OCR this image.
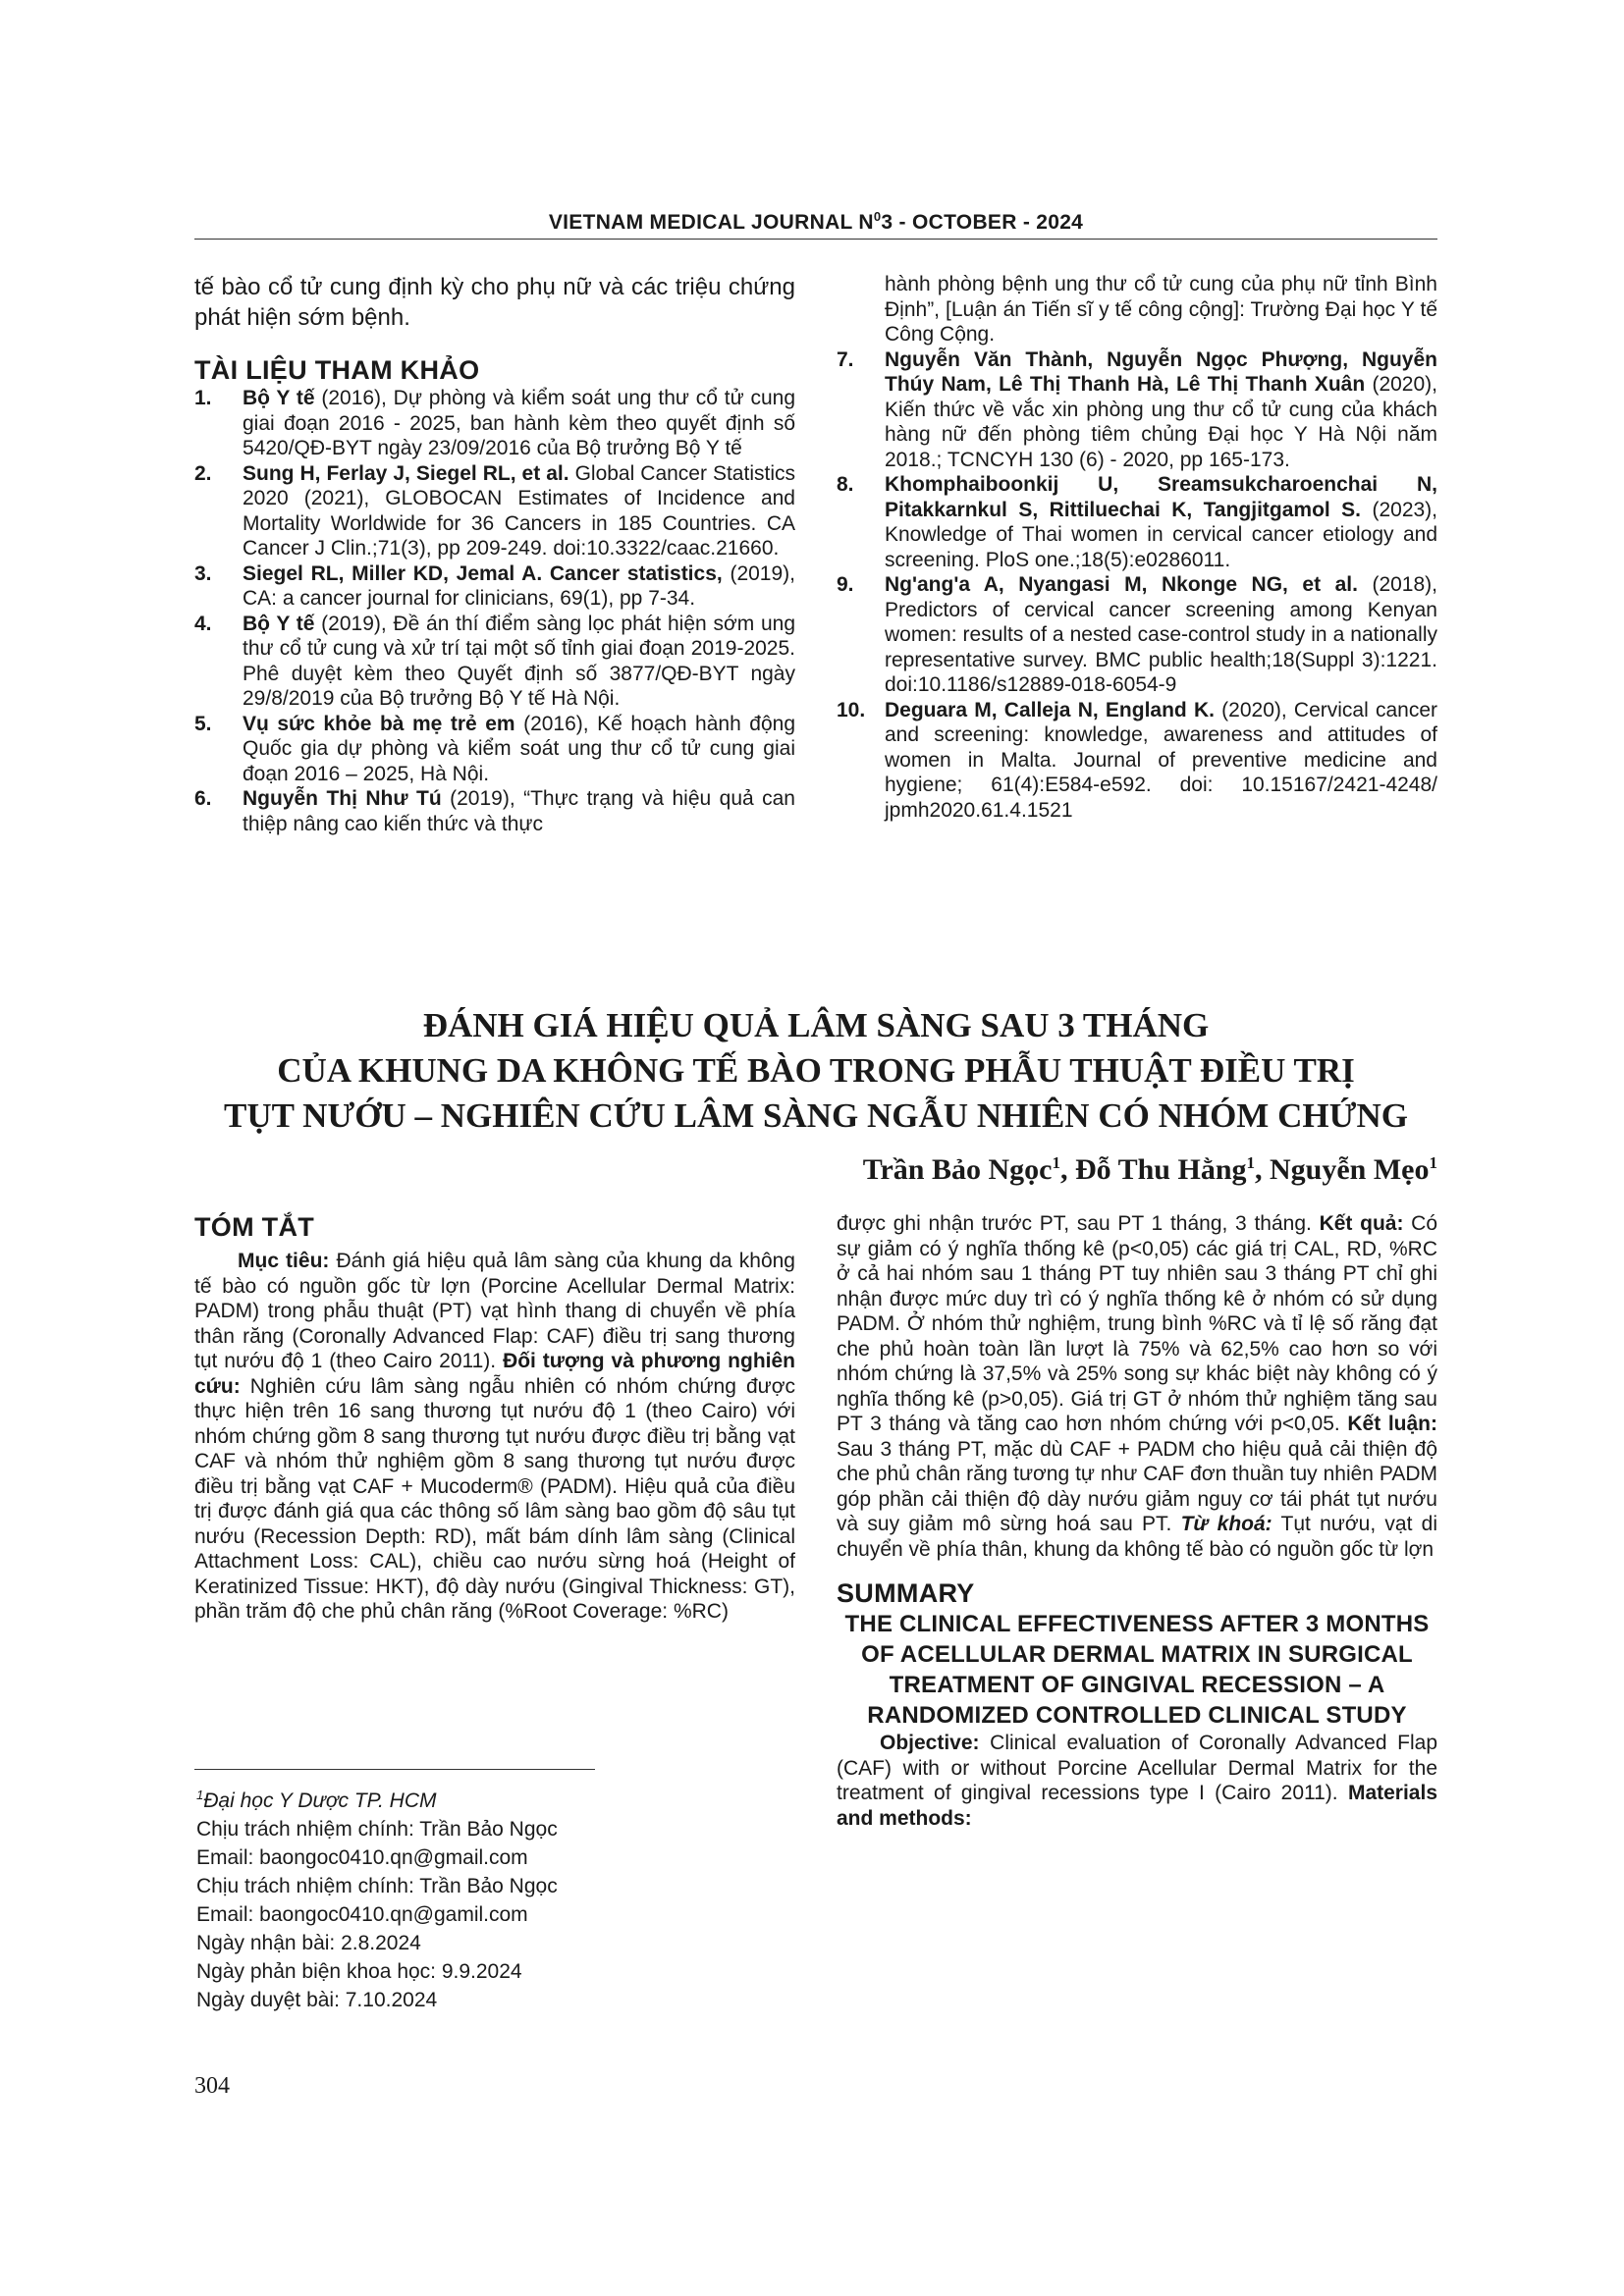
VIETNAM MEDICAL JOURNAL $N^03$ - OCTOBER - 2024

tế bào cổ tử cung định kỳ cho phụ nữ và các triệu chứng phát hiện sớm bệnh.

TÀI LIỆU THAM KHẢO

1. Bộ Y tế (2016), Dự phòng và kiểm soát ung thư cổ tử cung giai đoạn 2016 - 2025, ban hành kèm theo quyết định số 5420/QĐ-BYT ngày 23/09/2016 của Bộ trưởng Bộ Y tế
2. Sung H, Ferlay J, Siegel RL, et al. Global Cancer Statistics 2020 (2021), GLOBOCAN Estimates of Incidence and Mortality Worldwide for 36 Cancers in 185 Countries. CA Cancer J Clin.;71(3), pp 209-249. doi:10.3322/caac.21660.
3. Siegel RL, Miller KD, Jemal A. Cancer statistics, (2019), CA: a cancer journal for clinicians, 69(1), pp 7-34.
4. Bộ Y tế (2019), Đề án thí điểm sàng lọc phát hiện sớm ung thư cổ tử cung và xử trí tại một số tỉnh giai đoạn 2019-2025. Phê duyệt kèm theo Quyết định số 3877/QĐ-BYT ngày 29/8/2019 của Bộ trưởng Bộ Y tế Hà Nội.
5. Vụ sức khỏe bà mẹ trẻ em (2016), Kế hoạch hành động Quốc gia dự phòng và kiểm soát ung thư cổ tử cung giai đoạn 2016 – 2025, Hà Nội.
6. Nguyễn Thị Như Tú (2019), “Thực trạng và hiệu quả can thiệp nâng cao kiến thức và thực

hành phòng bệnh ung thư cổ tử cung của phụ nữ tỉnh Bình Định”, [Luận án Tiến sĩ y tế công cộng]: Trường Đại học Y tế Công Cộng.

7. Nguyễn Văn Thành, Nguyễn Ngọc Phượng, Nguyễn Thúy Nam, Lê Thị Thanh Hà, Lê Thị Thanh Xuân (2020), Kiến thức về vắc xin phòng ung thư cổ tử cung của khách hàng nữ đến phòng tiêm chủng Đại học Y Hà Nội năm 2018.; TCNCYH 130 (6) - 2020, pp 165-173.
8. Khomphaiboonkij U, Sreamsukcharoenchai N, Pitakkarnkul S, Rittiluechai K, Tangjitgamol S. (2023), Knowledge of Thai women in cervical cancer etiology and screening. PloS one.;18(5):e0286011.
9. Ng'ang'a A, Nyangasi M, Nkonge NG, et al. (2018), Predictors of cervical cancer screening among Kenyan women: results of a nested case-control study in a nationally representative survey. BMC public health;18(Suppl 3):1221. doi:10.1186/s12889-018-6054-9
10. Deguara M, Calleja N, England K. (2020), Cervical cancer and screening: knowledge, awareness and attitudes of women in Malta. Journal of preventive medicine and hygiene; 61(4):E584-e592. doi: 10.15167/2421-4248/ jpmh2020.61.4.1521
ĐÁNH GIÁ HIỆU QUẢ LÂM SÀNG SAU 3 THÁNG
CỦA KHUNG DA KHÔNG TẾ BÀO TRONG PHẪU THUẬT ĐIỀU TRỊ
TỤT NƯỚU – NGHIÊN CỨU LÂM SÀNG NGẪU NHIÊN CÓ NHÓM CHỨNG
Trần Bảo Ngọc$^1$, Đỗ Thu Hằng$^1$, Nguyễn Mẹo$^1$

TÓM TẮT

Mục tiêu: Đánh giá hiệu quả lâm sàng của khung da không tế bào có nguồn gốc từ lợn (Porcine Acellular Dermal Matrix: PADM) trong phẫu thuật (PT) vạt hình thang di chuyển về phía thân răng (Coronally Advanced Flap: CAF) điều trị sang thương tụt nướu độ 1 (theo Cairo 2011). Đối tượng và phương nghiên cứu: Nghiên cứu lâm sàng ngẫu nhiên có nhóm chứng được thực hiện trên 16 sang thương tụt nướu độ 1 (theo Cairo) với nhóm chứng gồm 8 sang thương tụt nướu được điều trị bằng vạt CAF và nhóm thử nghiệm gồm 8 sang thương tụt nướu được điều trị bằng vạt CAF + Mucoderm® (PADM). Hiệu quả của điều trị được đánh giá qua các thông số lâm sàng bao gồm độ sâu tụt nướu (Recession Depth: RD), mất bám dính lâm sàng (Clinical Attachment Loss: CAL), chiều cao nướu sừng hoá (Height of Keratinized Tissue: HKT), độ dày nướu (Gingival Thickness: GT), phần trăm độ che phủ chân răng (%Root Coverage: %RC)

được ghi nhận trước PT, sau PT 1 tháng, 3 tháng. Kết quả: Có sự giảm có ý nghĩa thống kê (p<0,05) các giá trị CAL, RD, %RC ở cả hai nhóm sau 1 tháng PT tuy nhiên sau 3 tháng PT chỉ ghi nhận được mức duy trì có ý nghĩa thống kê ở nhóm có sử dụng PADM. Ở nhóm thử nghiệm, trung bình %RC và tỉ lệ số răng đạt che phủ hoàn toàn lần lượt là 75% và 62,5% cao hơn so với nhóm chứng là 37,5% và 25% song sự khác biệt này không có ý nghĩa thống kê (p>0,05). Giá trị GT ở nhóm thử nghiệm tăng sau PT 3 tháng và tăng cao hơn nhóm chứng với p<0,05. Kết luận: Sau 3 tháng PT, mặc dù CAF + PADM cho hiệu quả cải thiện độ che phủ chân răng tương tự như CAF đơn thuần tuy nhiên PADM góp phần cải thiện độ dày nướu giảm nguy cơ tái phát tụt nướu và suy giảm mô sừng hoá sau PT. Từ khoá: Tụt nướu, vạt di chuyển về phía thân, khung da không tế bào có nguồn gốc từ lợn

SUMMARY

THE CLINICAL EFFECTIVENESS AFTER 3 MONTHS OF ACELLULAR DERMAL MATRIX IN SURGICAL TREATMENT OF GINGIVAL RECESSION – A RANDOMIZED CONTROLLED CLINICAL STUDY

Objective: Clinical evaluation of Coronally Advanced Flap (CAF) with or without Porcine Acellular Dermal Matrix for the treatment of gingival recessions type I (Cairo 2011). Materials and methods:

$^1$Đại học Y Dược TP. HCM
Chịu trách nhiệm chính: Trần Bảo Ngọc
Email: baongoc0410.qn@gmail.com
Chịu trách nhiệm chính: Trần Bảo Ngọc
Email: baongoc0410.qn@gamil.com
Ngày nhận bài: 2.8.2024
Ngày phản biện khoa học: 9.9.2024
Ngày duyệt bài: 7.10.2024
304
